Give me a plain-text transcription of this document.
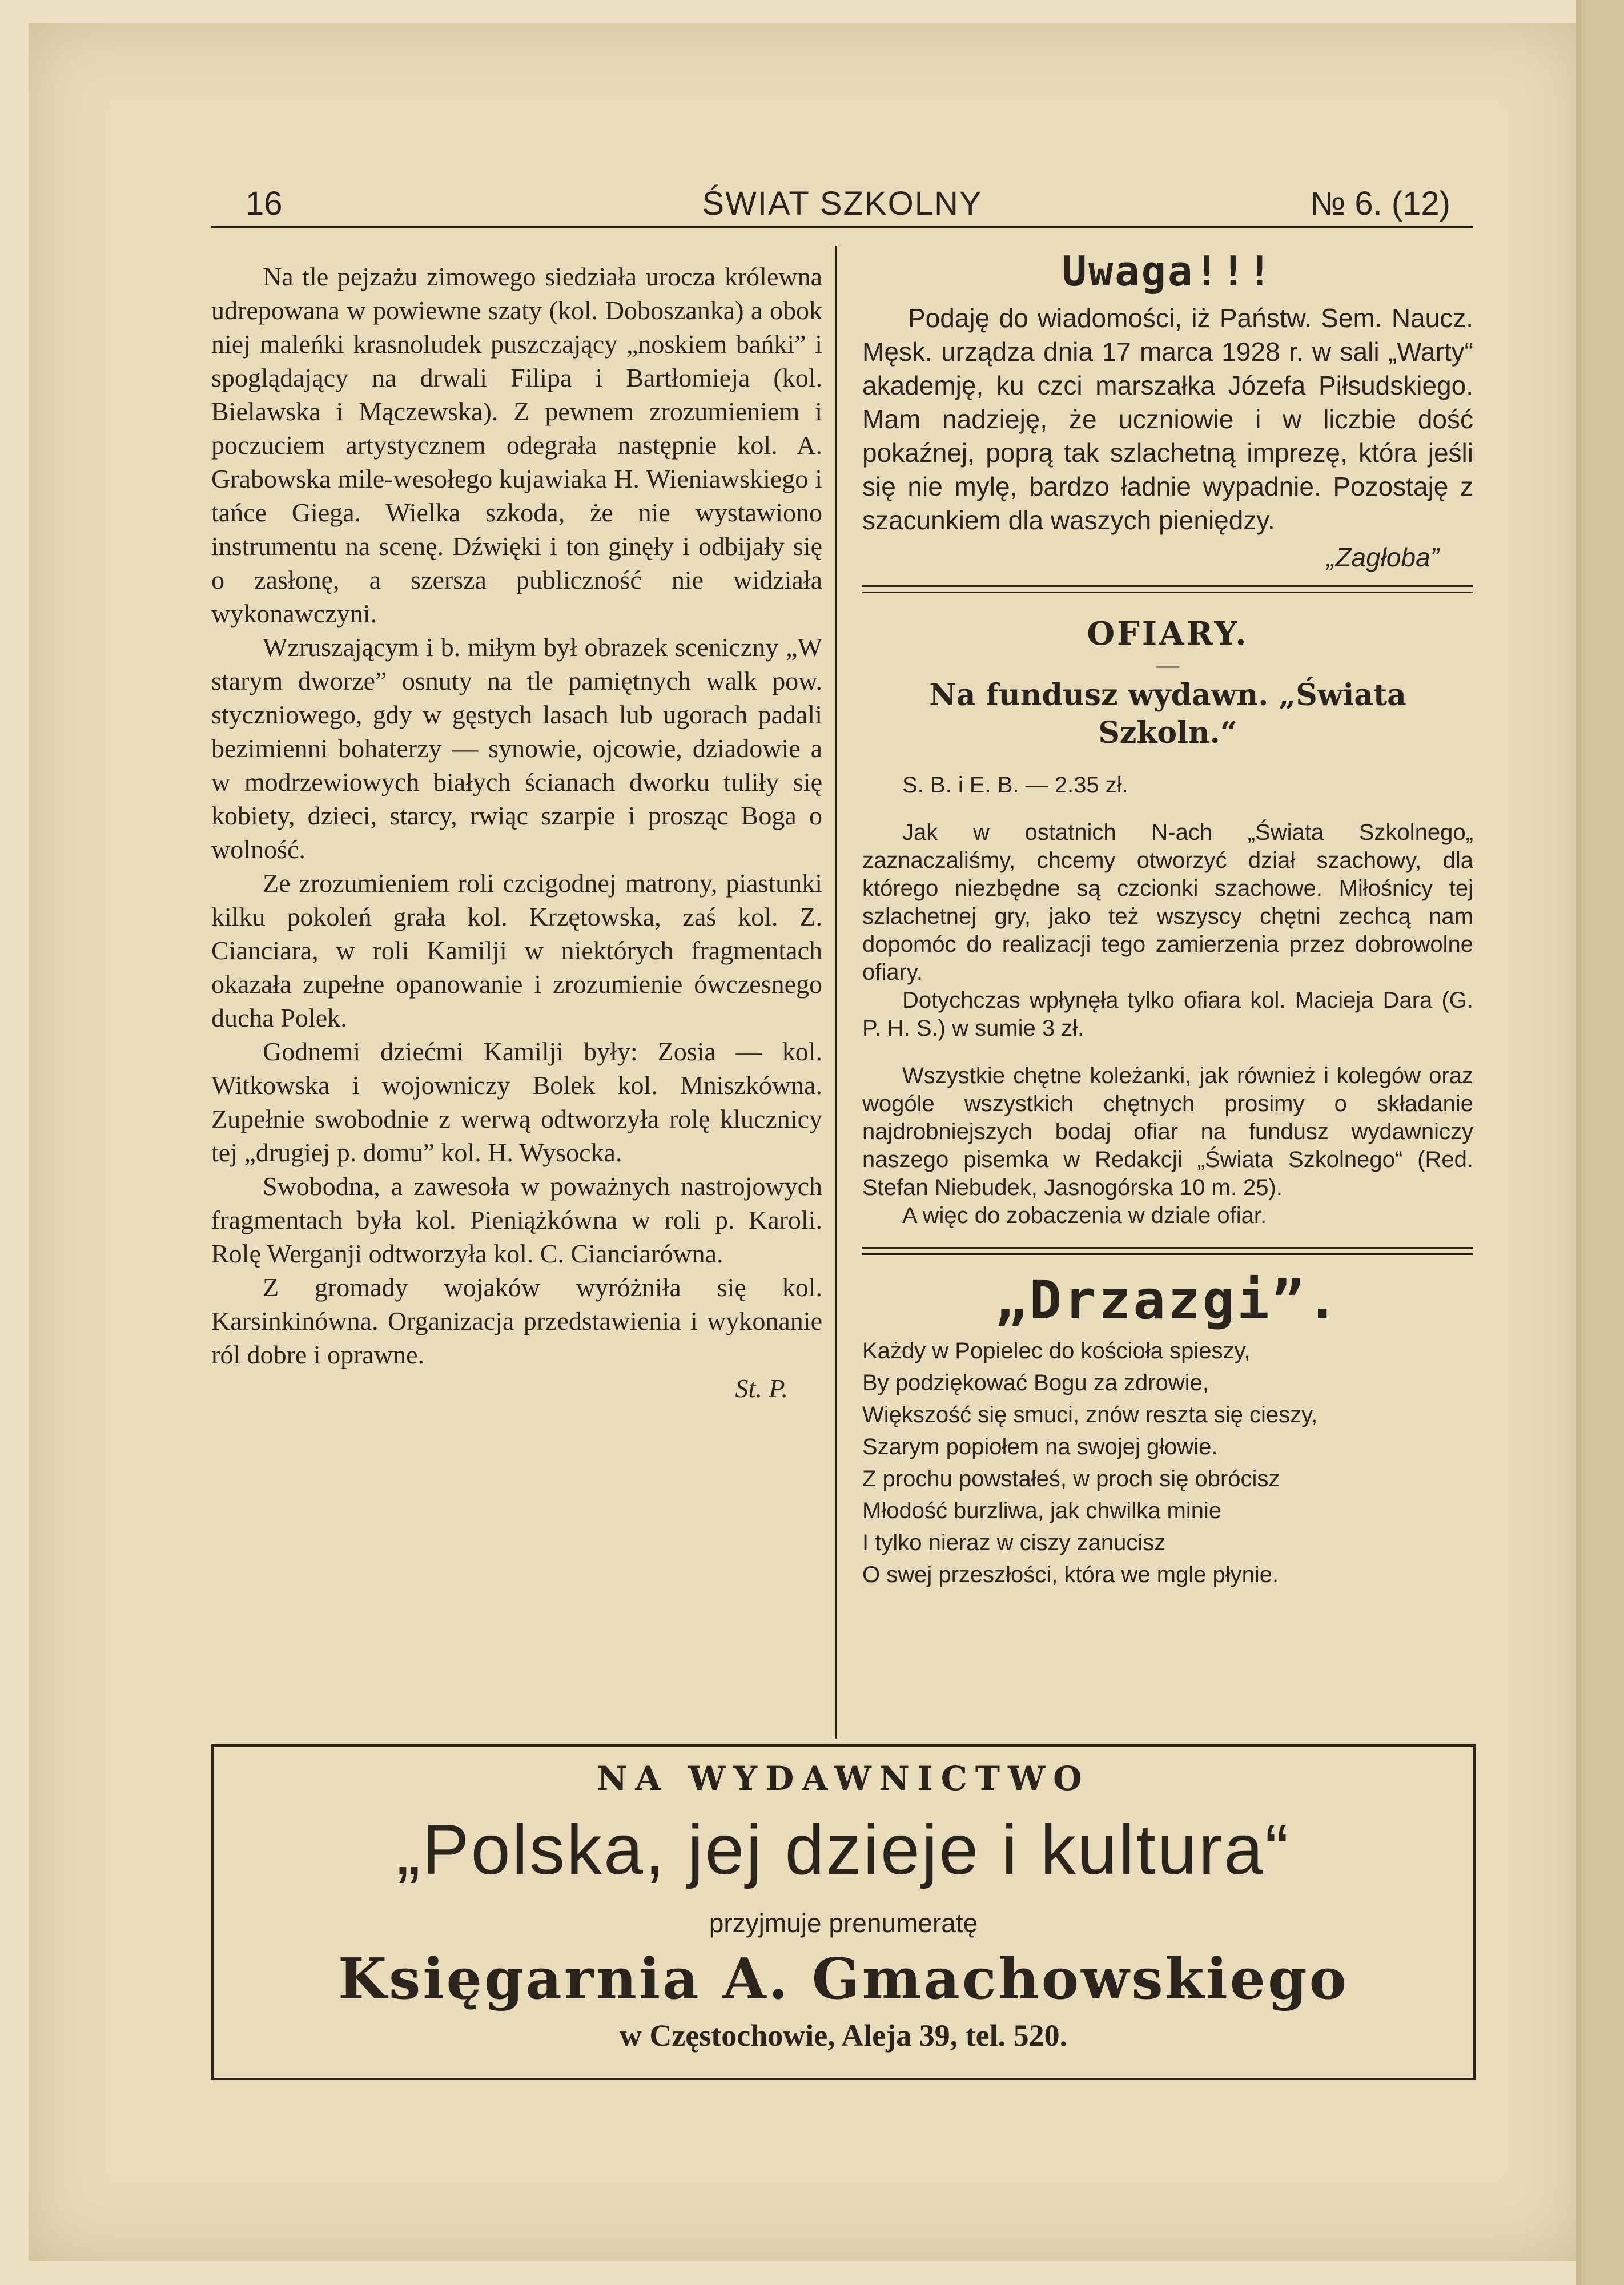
16	ŚWIAT SZKOLNY	№ 6. (12)

Na tle pejzażu zimowego siedziała urocza królewna udrepowana w powiewne szaty (kol. Doboszanka) a obok niej maleńki krasnoludek puszczający „noskiem bańki” i spoglądający na drwali Filipa i Bartłomieja (kol. Bielawska i Mączewska). Z pewnem zrozumieniem i poczuciem artystycznem odegrała następnie kol. A. Grabowska mile-wesołego kujawiaka H. Wieniawskiego i tańce Giega. Wielka szkoda, że nie wystawiono instrumentu na scenę. Dźwięki i ton ginęły i odbijały się o zasłonę, a szersza publiczność nie widziała wykonawczyni.

Wzruszającym i b. miłym był obrazek sceniczny „W starym dworze” osnuty na tle pamiętnych walk pow. styczniowego, gdy w gęstych lasach lub ugorach padali bezimienni bohaterzy — synowie, ojcowie, dziadowie a w modrzewiowych białych ścianach dworku tuliły się kobiety, dzieci, starcy, rwiąc szarpie i prosząc Boga o wolność.

Ze zrozumieniem roli czcigodnej matrony, piastunki kilku pokoleń grała kol. Krzętowska, zaś kol. Z. Cianciara, w roli Kamilji w niektórych fragmentach okazała zupełne opanowanie i zrozumienie ówczesnego ducha Polek.

Godnemi dziećmi Kamilji były: Zosia — kol. Witkowska i wojowniczy Bolek kol. Mniszkówna. Zupełnie swobodnie z werwą odtworzyła rolę klucznicy tej „drugiej p. domu” kol. H. Wysocka.

Swobodna, a zawesoła w poważnych nastrojowych fragmentach była kol. Pieniążkówna w roli p. Karoli. Rolę Werganji odtworzyła kol. C. Cianciarówna.

Z gromady wojaków wyróżniła się kol. Karsinkinówna. Organizacja przedstawienia i wykonanie ról dobre i oprawne.

St. P.
Uwaga!!!

Podaję do wiadomości, iż Państw. Sem. Naucz. Męsk. urządza dnia 17 marca 1928 r. w sali „Warty“ akademję, ku czci marszałka Józefa Piłsudskiego. Mam nadzieję, że uczniowie i w liczbie dość pokaźnej, poprą tak szlachetną imprezę, która jeśli się nie mylę, bardzo ładnie wypadnie. Pozostaję z szacunkiem dla waszych pieniędzy.

„Zagłoba”
OFIARY.
—
Na fundusz wydawn. „Świata Szkoln.“

S. B. i E. B. — 2.35 zł.

Jak w ostatnich N-ach „Świata Szkolnego„ zaznaczaliśmy, chcemy otworzyć dział szachowy, dla którego niezbędne są czcionki szachowe. Miłośnicy tej szlachetnej gry, jako też wszyscy chętni zechcą nam dopomóc do realizacji tego zamierzenia przez dobrowolne ofiary.

Dotychczas wpłynęła tylko ofiara kol. Macieja Dara (G. P. H. S.) w sumie 3 zł.

Wszystkie chętne koleżanki, jak również i kolegów oraz wogóle wszystkich chętnych prosimy o składanie najdrobniejszych bodaj ofiar na fundusz wydawniczy naszego pisemka w Redakcji „Świata Szkolnego“ (Red. Stefan Niebudek, Jasnogórska 10 m. 25).

A więc do zobaczenia w dziale ofiar.

„Drzazgi”.

Każdy w Popielec do kościoła spieszy,

By podziękować Bogu za zdrowie,

Większość się smuci, znów reszta się cieszy,

Szarym popiołem na swojej głowie.

Z prochu powstałeś, w proch się obrócisz

Młodość burzliwa, jak chwilka minie

I tylko nieraz w ciszy zanucisz

O swej przeszłości, która we mgle płynie.

NA WYDAWNICTWO
„Polska, jej dzieje i kultura“
przyjmuje prenumeratę
Księgarnia A. Gmachowskiego
w Częstochowie, Aleja 39, tel. 520.
